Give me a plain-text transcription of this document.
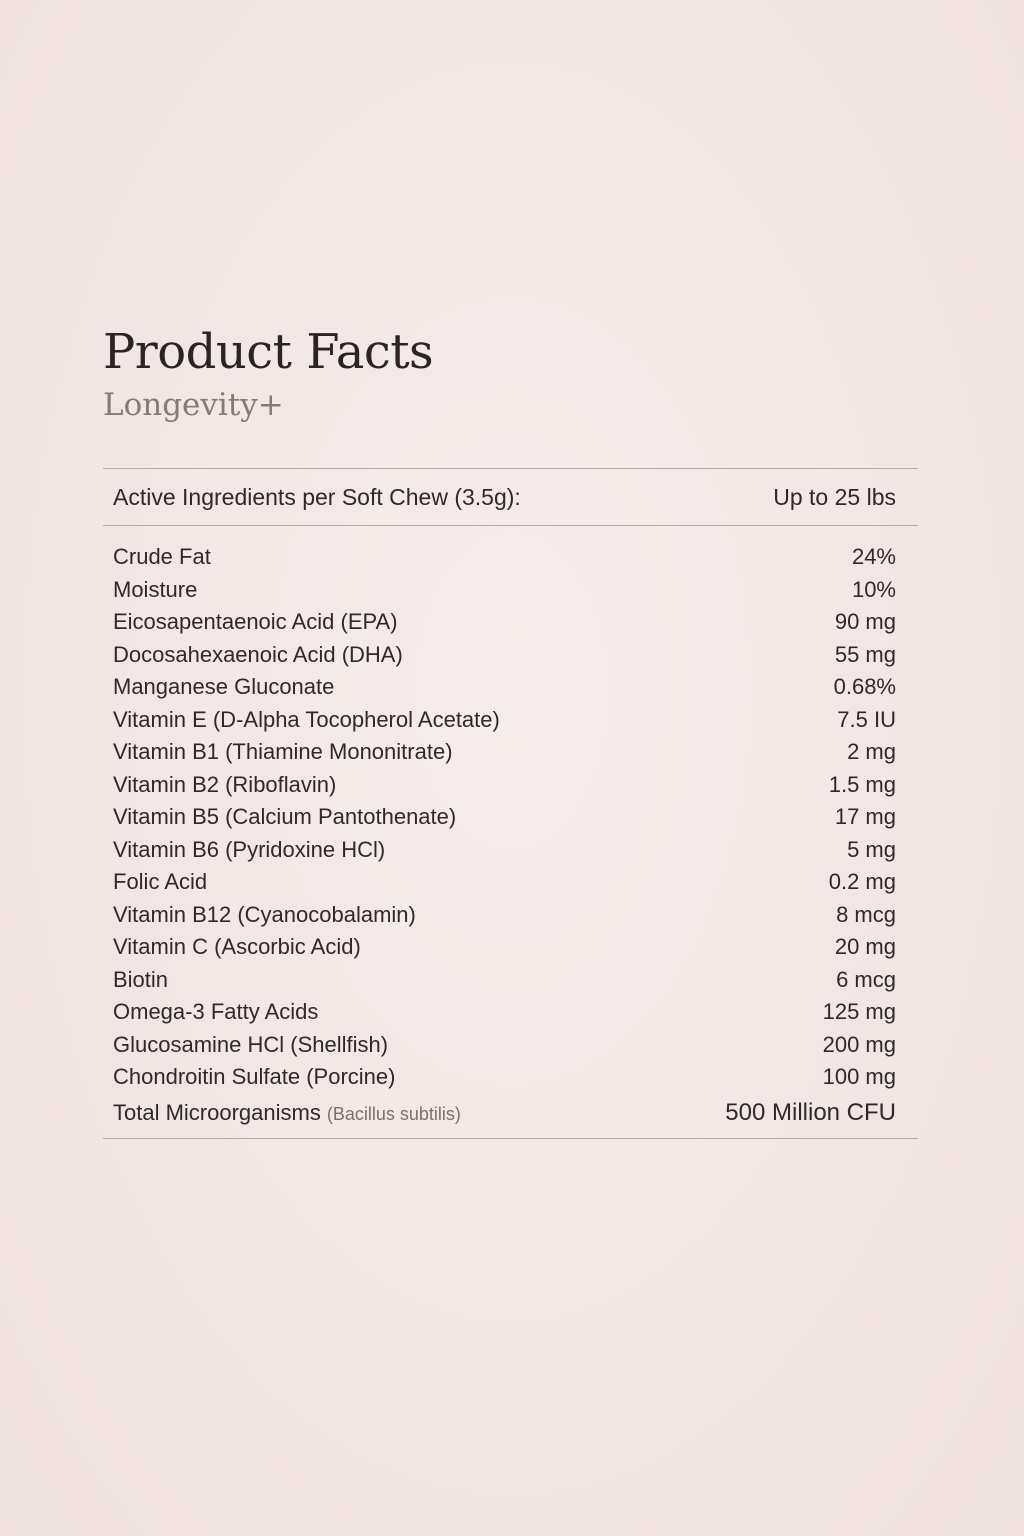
Product Facts
Longevity+
Active Ingredients per Soft Chew (3.5g):	Up to 25 lbs
Crude Fat	24%
Moisture	10%
Eicosapentaenoic Acid (EPA)	90 mg
Docosahexaenoic Acid (DHA)	55 mg
Manganese Gluconate	0.68%
Vitamin E (D-Alpha Tocopherol Acetate)	7.5 IU
Vitamin B1 (Thiamine Mononitrate)	2 mg
Vitamin B2 (Riboflavin)	1.5 mg
Vitamin B5 (Calcium Pantothenate)	17 mg
Vitamin B6 (Pyridoxine HCl)	5 mg
Folic Acid	0.2 mg
Vitamin B12 (Cyanocobalamin)	8 mcg
Vitamin C (Ascorbic Acid)	20 mg
Biotin	6 mcg
Omega-3 Fatty Acids	125 mg
Glucosamine HCl (Shellfish)	200 mg
Chondroitin Sulfate (Porcine)	100 mg
Total Microorganisms (Bacillus subtilis)	500 Million CFU
